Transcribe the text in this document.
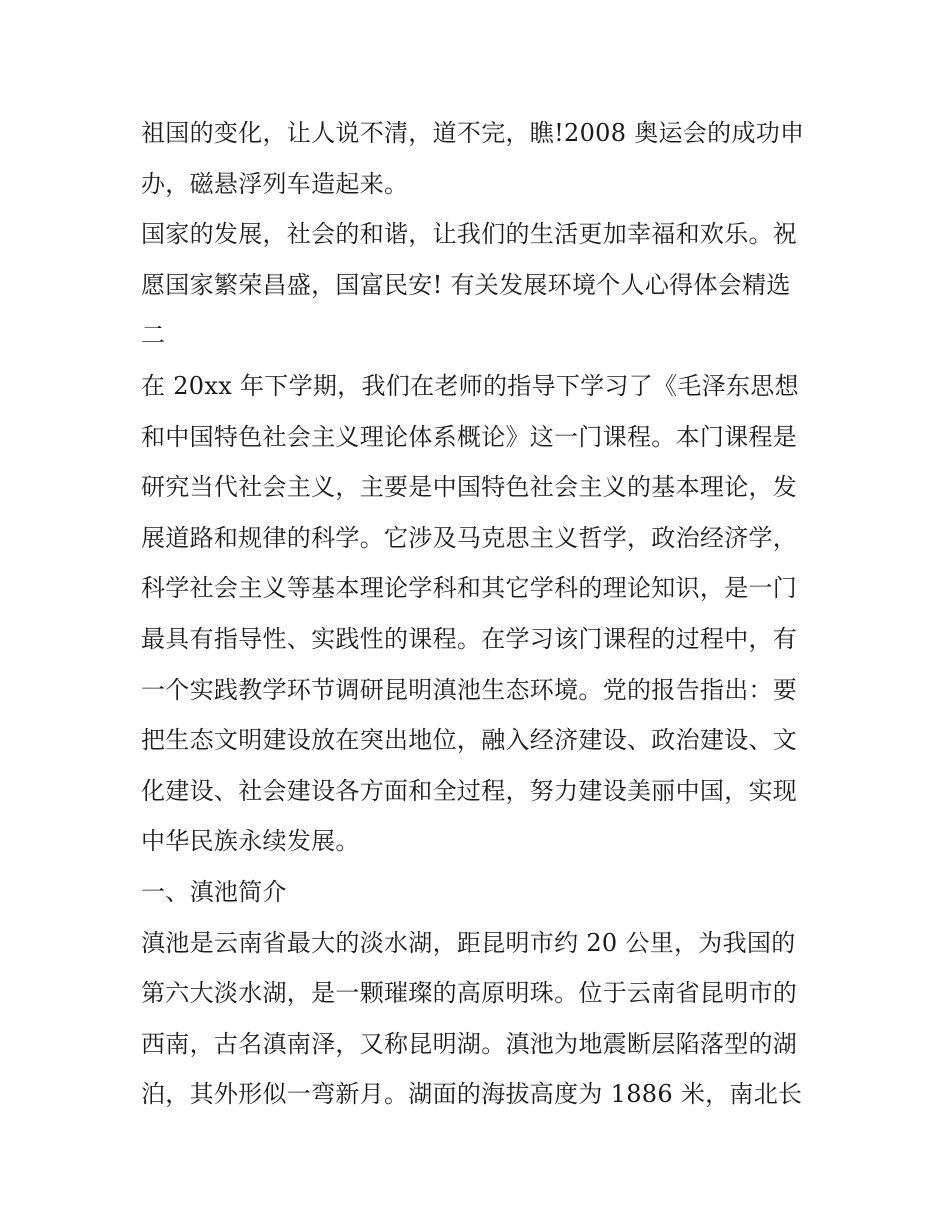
祖国的变化，让人说不清，道不完，瞧!2008 奥运会的成功申
办，磁悬浮列车造起来。
国家的发展，社会的和谐，让我们的生活更加幸福和欢乐。祝
愿国家繁荣昌盛，国富民安! 有关发展环境个人心得体会精选
二
在 20xx 年下学期，我们在老师的指导下学习了《毛泽东思想
和中国特色社会主义理论体系概论》这一门课程。本门课程是
研究当代社会主义，主要是中国特色社会主义的基本理论，发
展道路和规律的科学。它涉及马克思主义哲学，政治经济学，
科学社会主义等基本理论学科和其它学科的理论知识，是一门
最具有指导性、实践性的课程。在学习该门课程的过程中，有
一个实践教学环节调研昆明滇池生态环境。党的报告指出：要
把生态文明建设放在突出地位，融入经济建设、政治建设、文
化建设、社会建设各方面和全过程，努力建设美丽中国，实现
中华民族永续发展。
一、滇池简介
滇池是云南省最大的淡水湖，距昆明市约 20 公里，为我国的
第六大淡水湖，是一颗璀璨的高原明珠。位于云南省昆明市的
西南，古名滇南泽，又称昆明湖。滇池为地震断层陷落型的湖
泊，其外形似一弯新月。湖面的海拔高度为 1886 米，南北长
